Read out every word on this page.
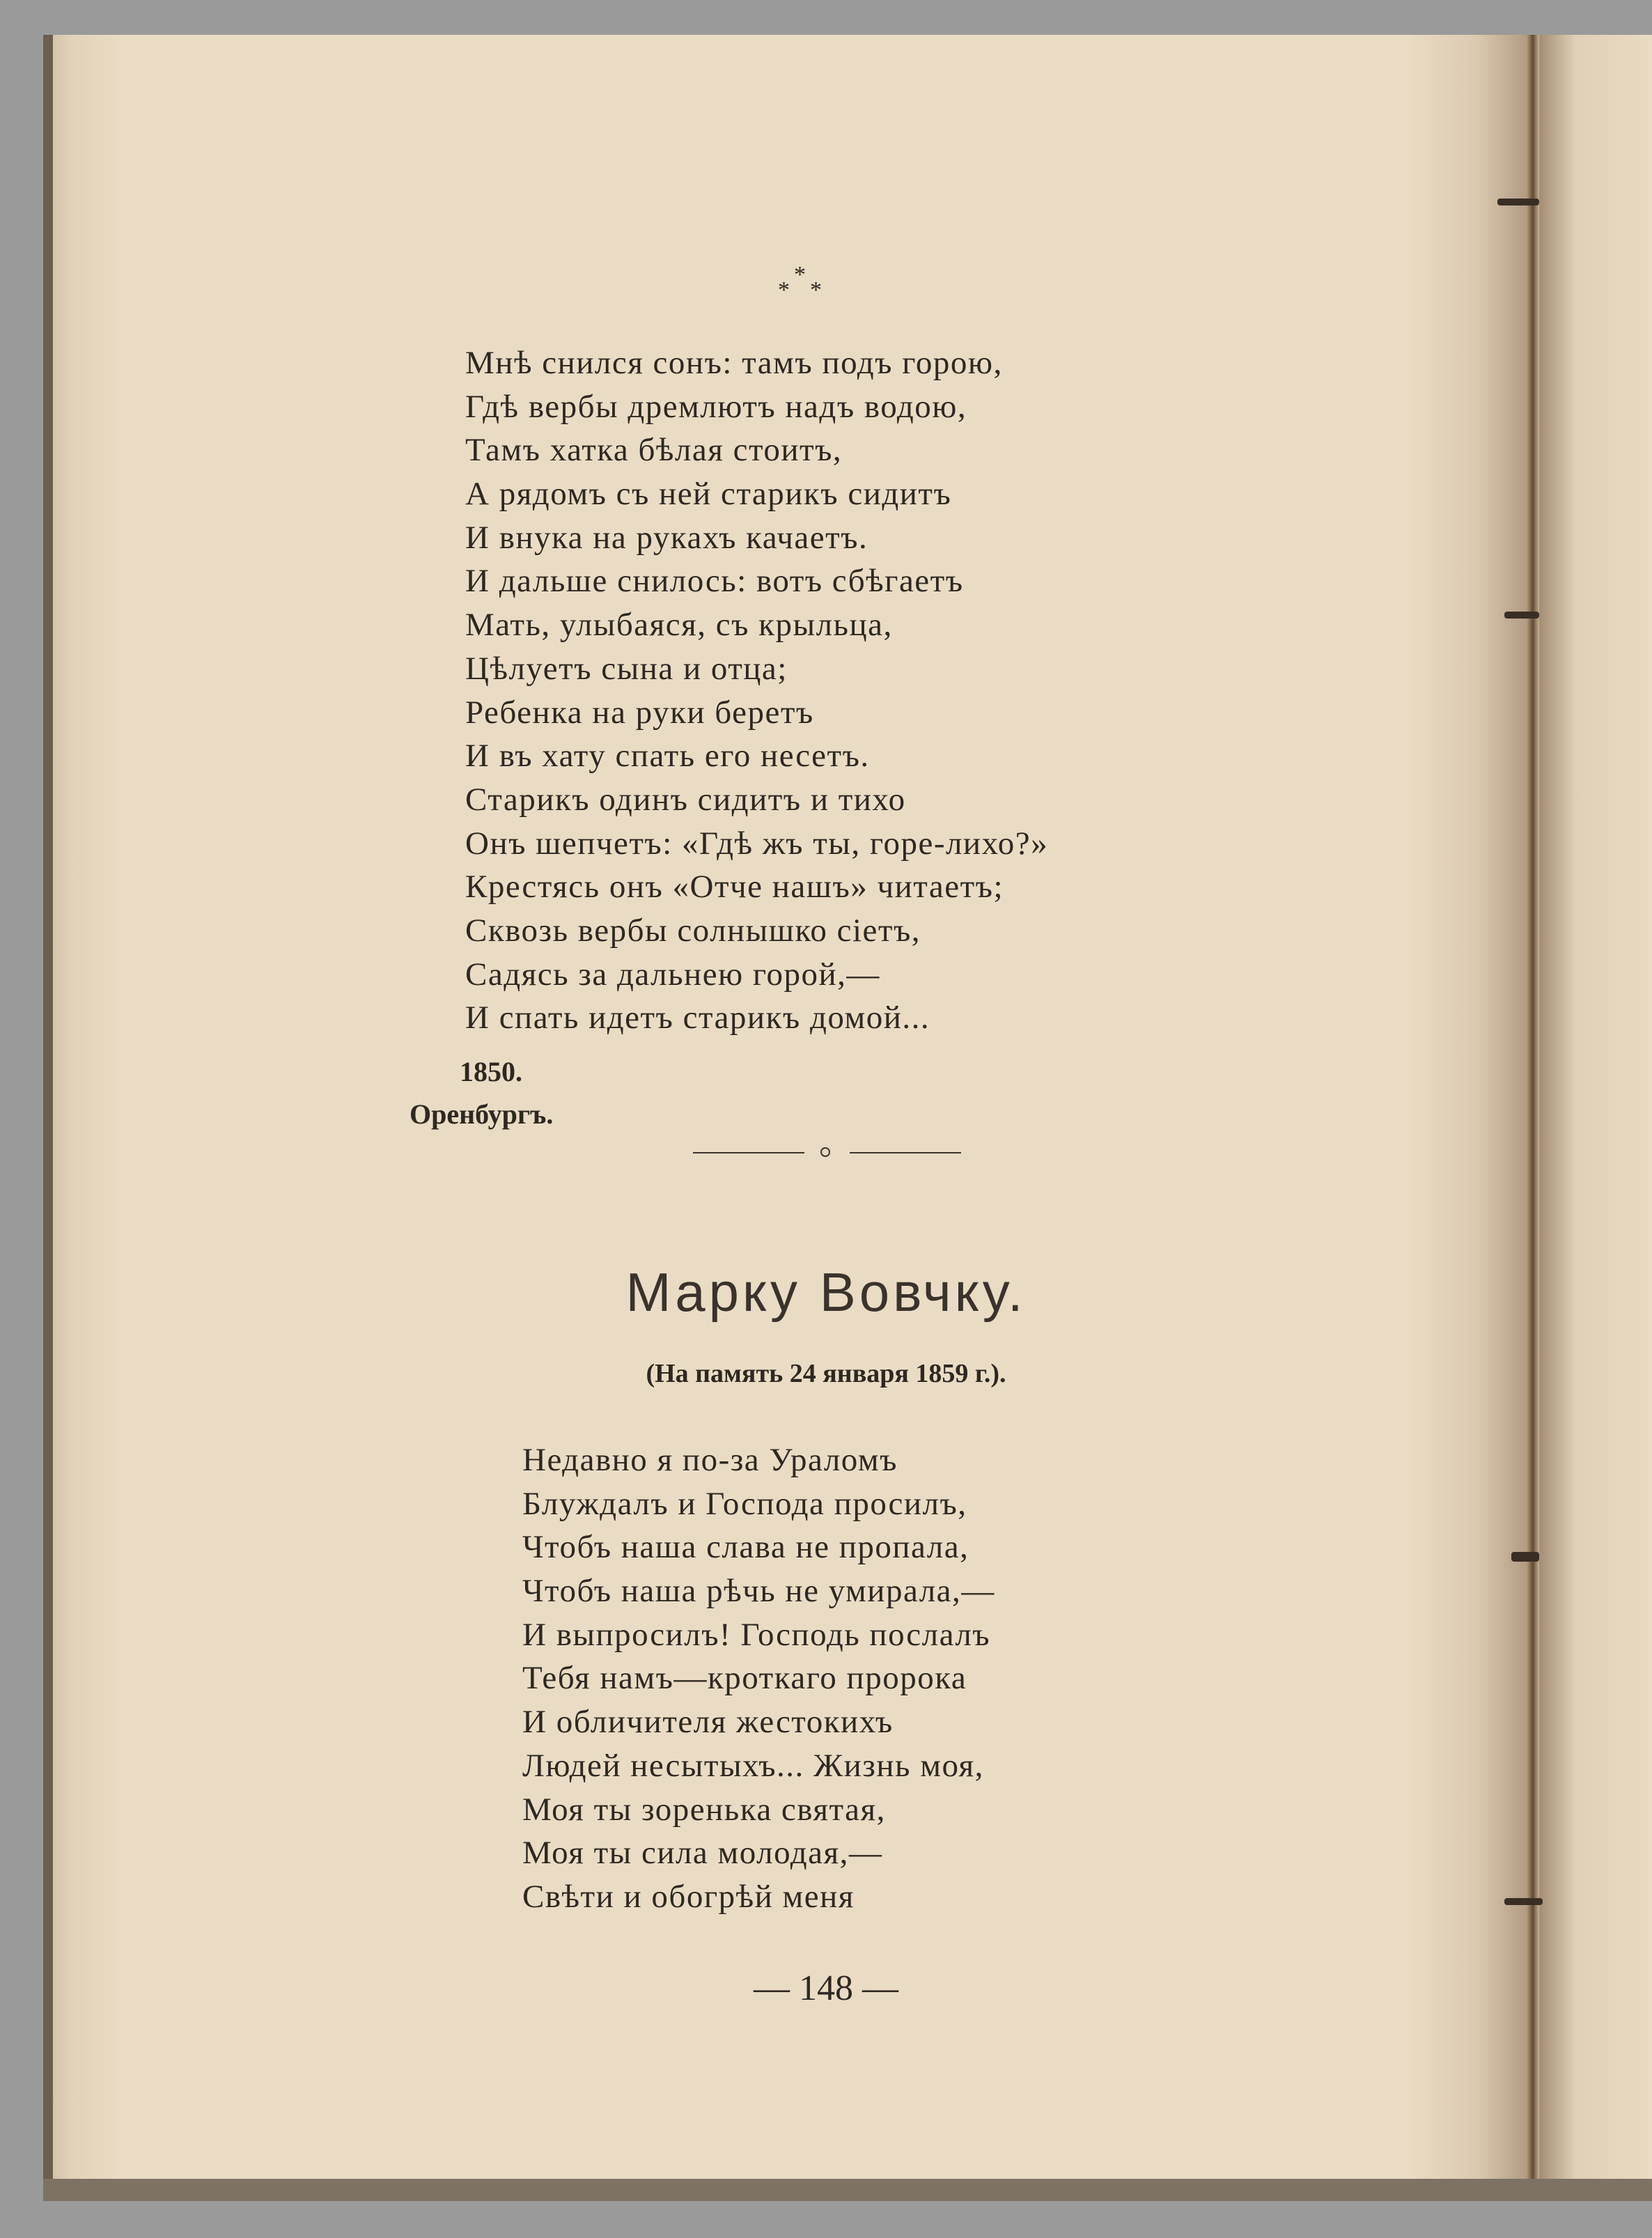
*
* *
Мнѣ снился сонъ: тамъ подъ горою,
Гдѣ вербы дремлютъ надъ водою,
Тамъ хатка бѣлая стоитъ,
А рядомъ съ ней старикъ сидитъ
И внука на рукахъ качаетъ.
И дальше снилось: вотъ сбѣгаетъ
Мать, улыбаяся, съ крыльца,
Цѣлуетъ сына и отца;
Ребенка на руки беретъ
И въ хату спать его несетъ.
Старикъ одинъ сидитъ и тихо
Онъ шепчетъ: «Гдѣ жъ ты, горе-лихо?»
Крестясь онъ «Отче нашъ» читаетъ;
Сквозь вербы солнышко сіетъ,
Садясь за дальнею горой,—
И спать идетъ старикъ домой...
1850.
Оренбургъ.
Марку Вовчку.
(На память 24 января 1859 г.).
Недавно я по-за Ураломъ
Блуждалъ и Господа просилъ,
Чтобъ наша слава не пропала,
Чтобъ наша рѣчь не умирала,—
И выпросилъ! Господь послалъ
Тебя намъ—кроткаго пророка
И обличителя жестокихъ
Людей несытыхъ... Жизнь моя,
Моя ты зоренька святая,
Моя ты сила молодая,—
Свѣти и обогрѣй меня
— 148 —
